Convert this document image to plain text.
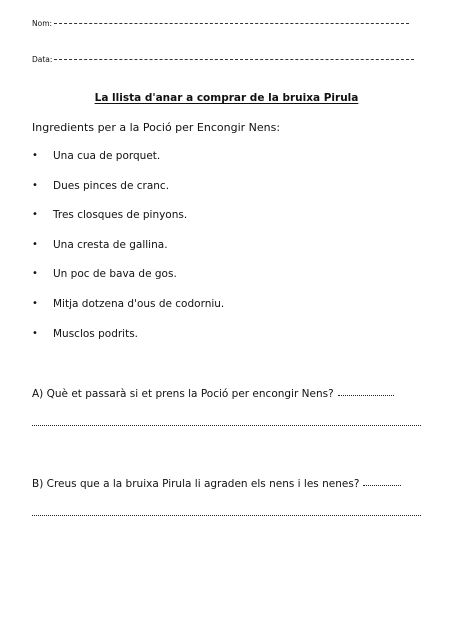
Nom:
Data:
La llista d'anar a comprar de la bruixa Pirula
Ingredients per a la Poció per Encongir Nens:
•	Una cua de porquet.
•	Dues pinces de cranc.
•	Tres closques de pinyons.
•	Una cresta de gallina.
•	Un poc de bava de gos.
•	Mitja dotzena d'ous de codorniu.
•	Musclos podrits.
A) Què et passarà si et prens la Poció per encongir Nens?
B) Creus que a la bruixa Pirula li agraden els nens i les nenes?
